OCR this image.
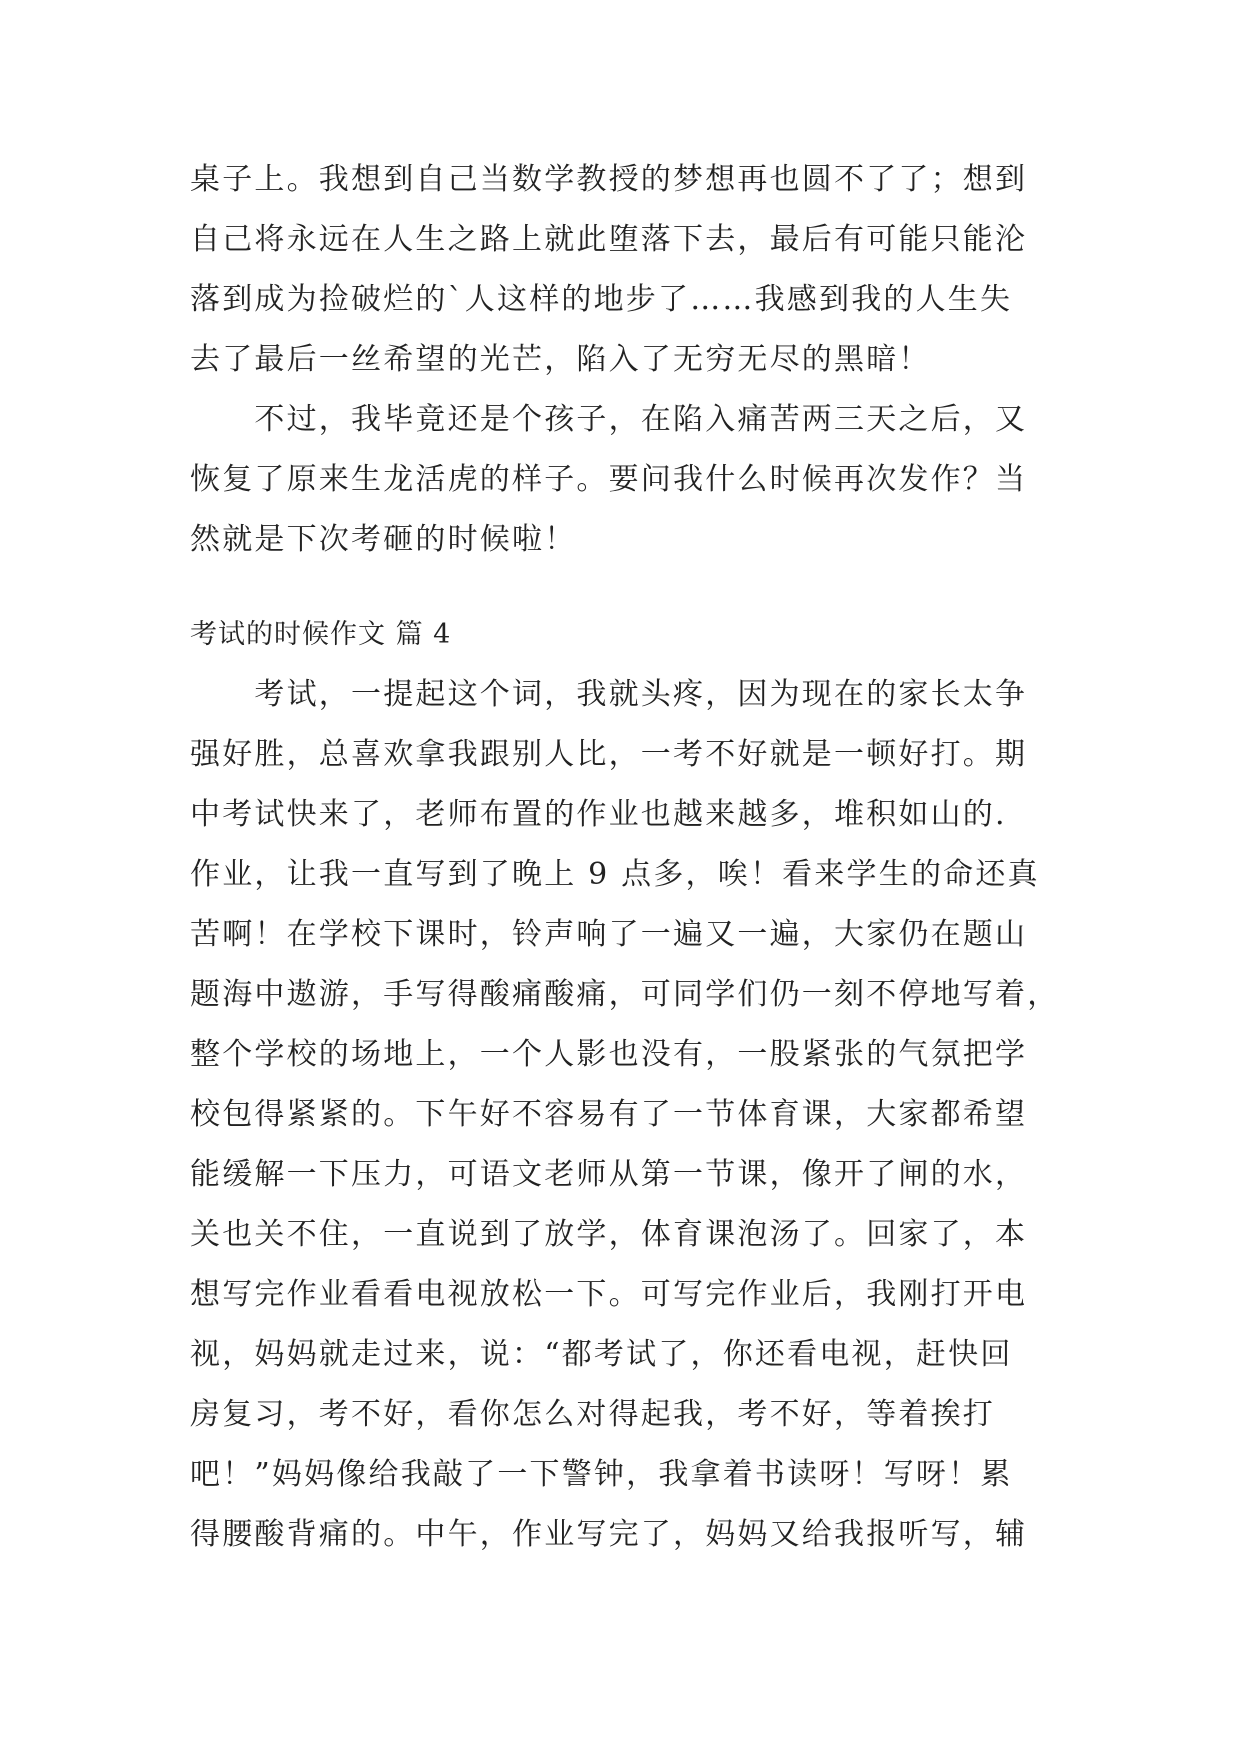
桌子上。我想到自己当数学教授的梦想再也圆不了了；想到
自己将永远在人生之路上就此堕落下去，最后有可能只能沦
落到成为捡破烂的`人这样的地步了……我感到我的人生失
去了最后一丝希望的光芒，陷入了无穷无尽的黑暗！
　　不过，我毕竟还是个孩子，在陷入痛苦两三天之后，又
恢复了原来生龙活虎的样子。要问我什么时候再次发作？当
然就是下次考砸的时候啦！
考试的时候作文 篇 4
　　考试，一提起这个词，我就头疼，因为现在的家长太争
强好胜，总喜欢拿我跟别人比，一考不好就是一顿好打。期
中考试快来了，老师布置的作业也越来越多，堆积如山的.
作业，让我一直写到了晚上 9 点多，唉！看来学生的命还真
苦啊！在学校下课时，铃声响了一遍又一遍，大家仍在题山
题海中遨游，手写得酸痛酸痛，可同学们仍一刻不停地写着，
整个学校的场地上，一个人影也没有，一股紧张的气氛把学
校包得紧紧的。下午好不容易有了一节体育课，大家都希望
能缓解一下压力，可语文老师从第一节课，像开了闸的水，
关也关不住，一直说到了放学，体育课泡汤了。回家了，本
想写完作业看看电视放松一下。可写完作业后，我刚打开电
视，妈妈就走过来，说：“都考试了，你还看电视，赶快回
房复习，考不好，看你怎么对得起我，考不好，等着挨打
吧！”妈妈像给我敲了一下警钟，我拿着书读呀！写呀！累
得腰酸背痛的。中午，作业写完了，妈妈又给我报听写，辅
